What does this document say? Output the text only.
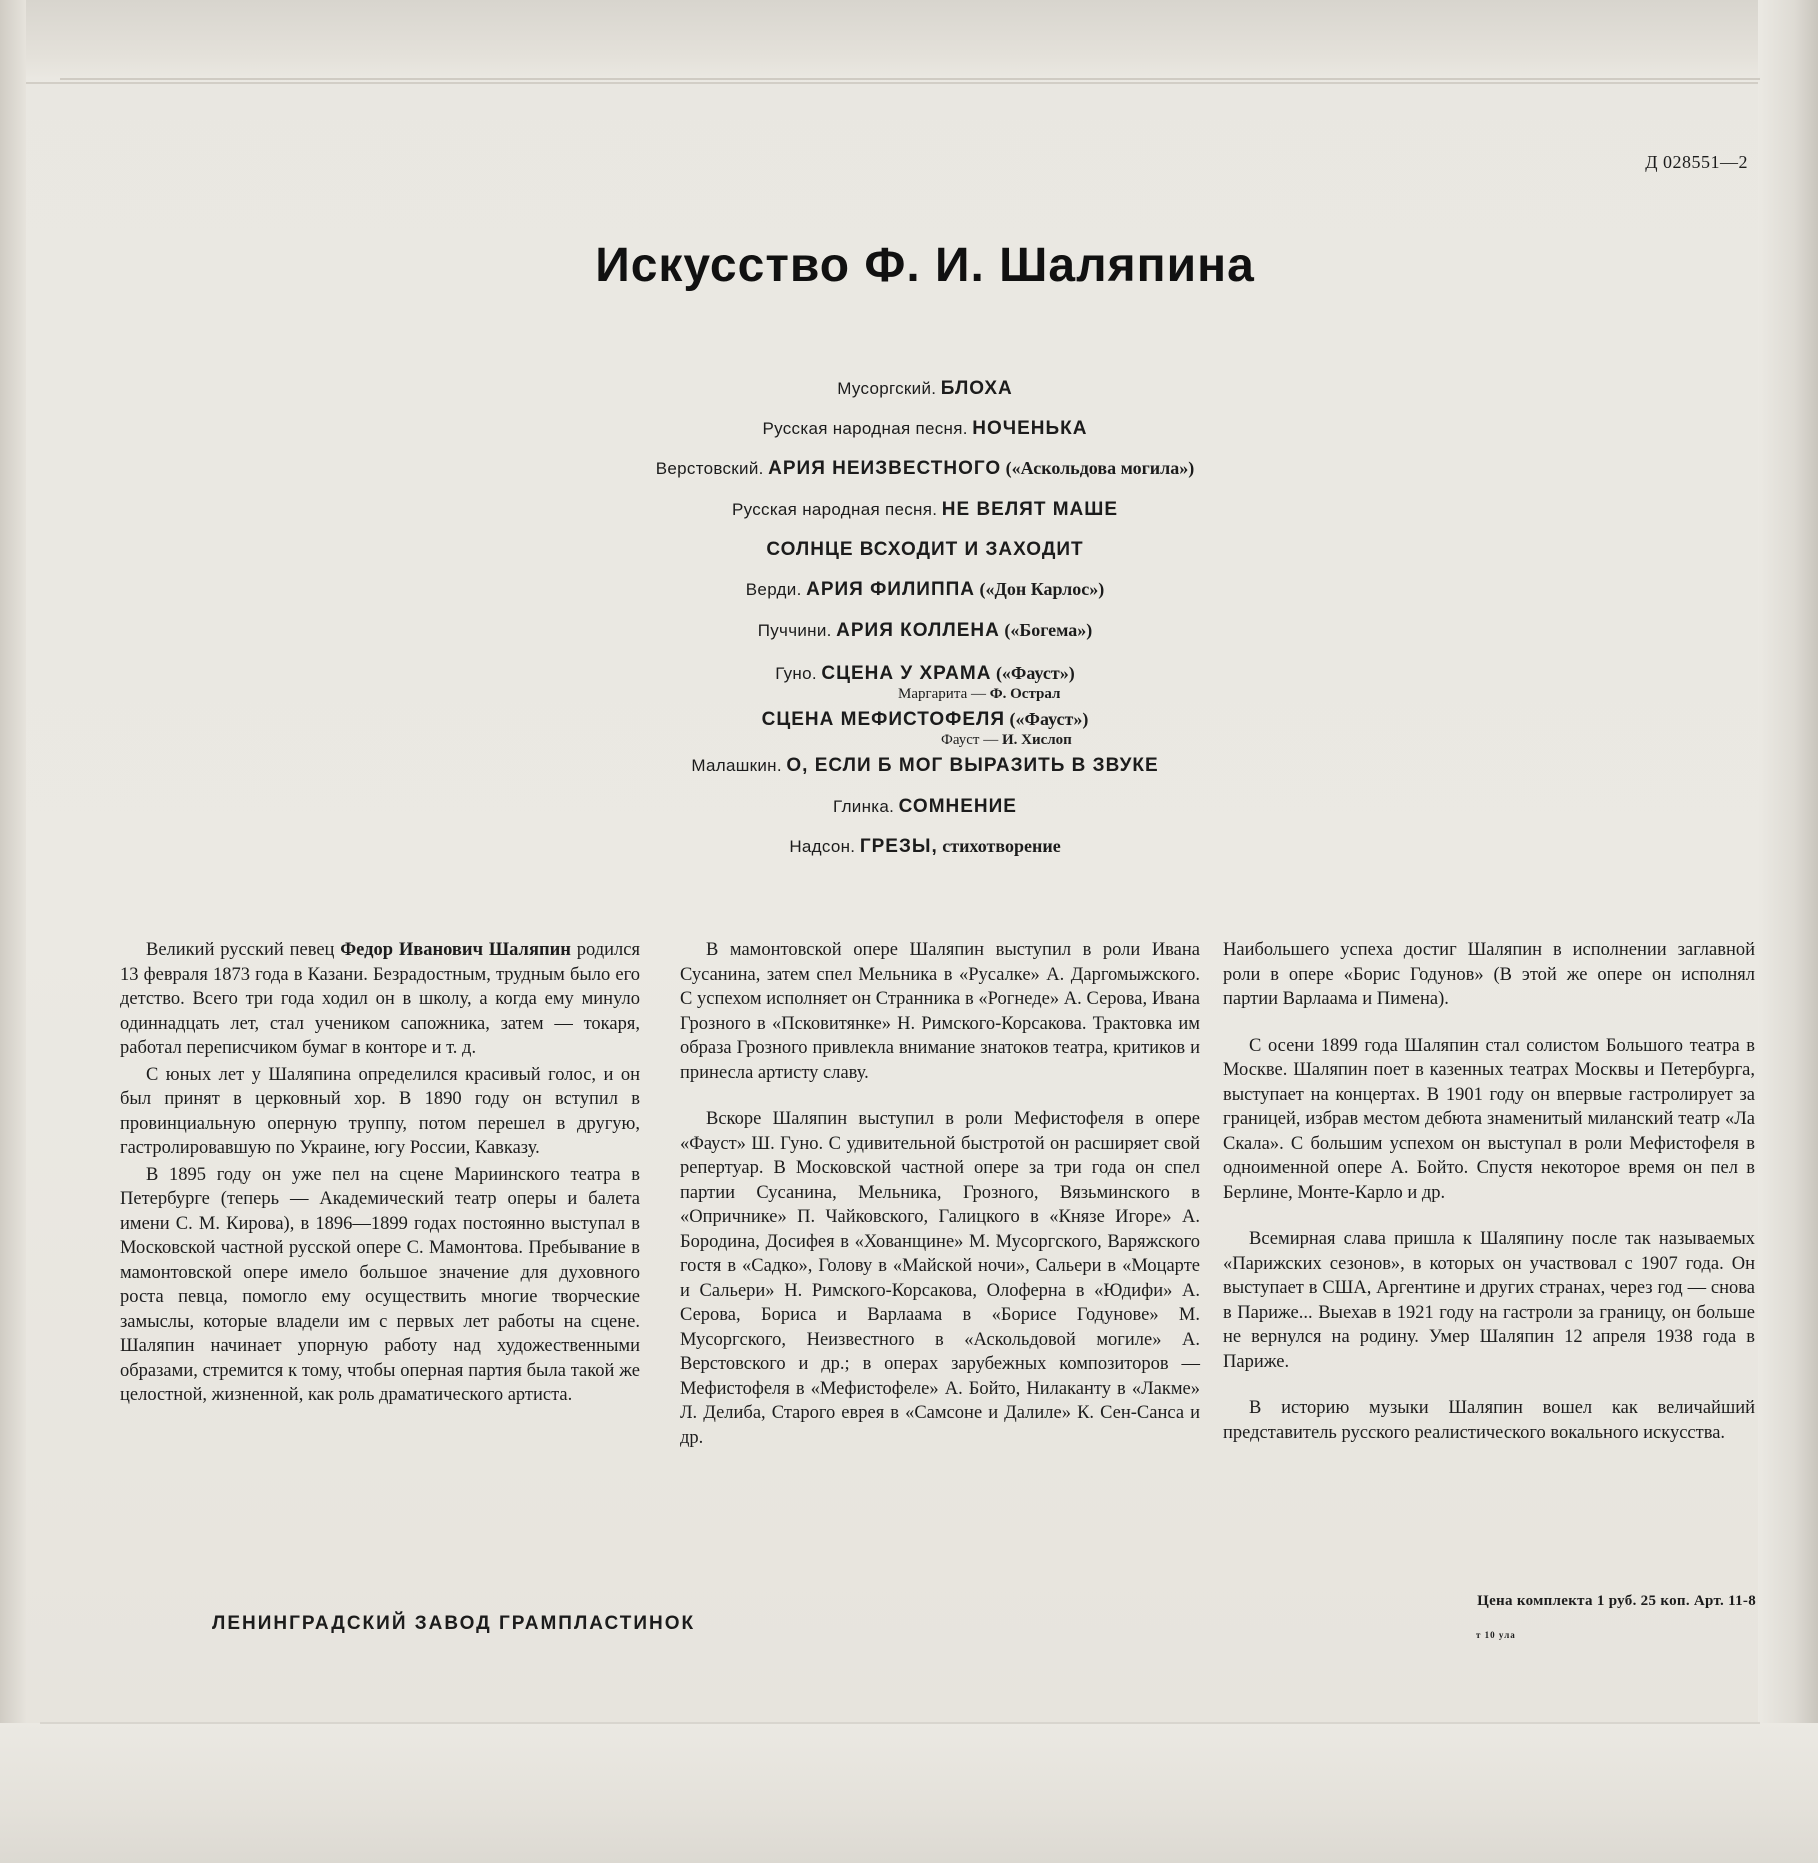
Д 028551—2
Искусство Ф. И. Шаляпина
Мусоргский. БЛОХА
Русская народная песня. НОЧЕНЬКА
Верстовский. АРИЯ НЕИЗВЕСТНОГО («Аскольдова могила»)
Русская народная песня. НЕ ВЕЛЯТ МАШЕ
СОЛНЦЕ ВСХОДИТ И ЗАХОДИТ
Верди. АРИЯ ФИЛИППА («Дон Карлос»)
Пуччини. АРИЯ КОЛЛЕНА («Богема»)
Гуно. СЦЕНА У ХРАМА («Фауст»)
Маргарита — Ф. Острал
СЦЕНА МЕФИСТОФЕЛЯ («Фауст»)
Фауст — И. Хислоп
Малашкин. О, ЕСЛИ Б МОГ ВЫРАЗИТЬ В ЗВУКЕ
Глинка. СОМНЕНИЕ
Надсон. ГРЕЗЫ, стихотворение

Великий русский певец Федор Иванович Шаляпин родился 13 февраля 1873 года в Казани. Безрадостным, трудным было его детство. Всего три года ходил он в школу, а когда ему минуло одиннадцать лет, стал учеником сапожника, затем — токаря, работал переписчиком бумаг в конторе и т. д.

С юных лет у Шаляпина определился красивый голос, и он был принят в церковный хор. В 1890 году он вступил в провинциальную оперную труппу, потом перешел в другую, гастролировавшую по Украине, югу России, Кавказу.

В 1895 году он уже пел на сцене Мариинского театра в Петербурге (теперь — Академический театр оперы и балета имени С. М. Кирова), в 1896—1899 годах постоянно выступал в Московской частной русской опере С. Мамонтова. Пребывание в мамонтовской опере имело большое значение для духовного роста певца, помогло ему осуществить многие творческие замыслы, которые владели им с первых лет работы на сцене. Шаляпин начинает упорную работу над художественными образами, стремится к тому, чтобы оперная партия была такой же целостной, жизненной, как роль драматического артиста.

В мамонтовской опере Шаляпин выступил в роли Ивана Сусанина, затем спел Мельника в «Русалке» А. Даргомыжского. С успехом исполняет он Странника в «Рогнеде» А. Серова, Ивана Грозного в «Псковитянке» Н. Римского-Корсакова. Трактовка им образа Грозного привлекла внимание знатоков театра, критиков и принесла артисту славу.

Вскоре Шаляпин выступил в роли Мефистофеля в опере «Фауст» Ш. Гуно. С удивительной быстротой он расширяет свой репертуар. В Московской частной опере за три года он спел партии Сусанина, Мельника, Грозного, Вязьминского в «Опричнике» П. Чайковского, Галицкого в «Князе Игоре» А. Бородина, Досифея в «Хованщине» М. Мусоргского, Варяжского гостя в «Садко», Голову в «Майской ночи», Сальери в «Моцарте и Сальери» Н. Римского-Корсакова, Олоферна в «Юдифи» А. Серова, Бориса и Варлаама в «Борисе Годунове» М. Мусоргского, Неизвестного в «Аскольдовой могиле» А. Верстовского и др.; в операх зарубежных композиторов — Мефистофеля в «Мефистофеле» А. Бойто, Нилаканту в «Лакме» Л. Делиба, Старого еврея в «Самсоне и Далиле» К. Сен-Санса и др.

Наибольшего успеха достиг Шаляпин в исполнении заглавной роли в опере «Борис Годунов» (В этой же опере он исполнял партии Варлаама и Пимена).

С осени 1899 года Шаляпин стал солистом Большого театра в Москве. Шаляпин поет в казенных театрах Москвы и Петербурга, выступает на концертах. В 1901 году он впервые гастролирует за границей, избрав местом дебюта знаменитый миланский театр «Ла Скала». С большим успехом он выступал в роли Мефистофеля в одноименной опере А. Бойто. Спустя некоторое время он пел в Берлине, Монте-Карло и др.

Всемирная слава пришла к Шаляпину после так называемых «Парижских сезонов», в которых он участвовал с 1907 года. Он выступает в США, Аргентине и других странах, через год — снова в Париже... Выехав в 1921 году на гастроли за границу, он больше не вернулся на родину. Умер Шаляпин 12 апреля 1938 года в Париже.

В историю музыки Шаляпин вошел как величайший представитель русского реалистического вокального искусства.

ЛЕНИНГРАДСКИЙ ЗАВОД ГРАМПЛАСТИНОК
Цена комплекта 1 руб. 25 коп. Арт. 11-8
т 10 ула
